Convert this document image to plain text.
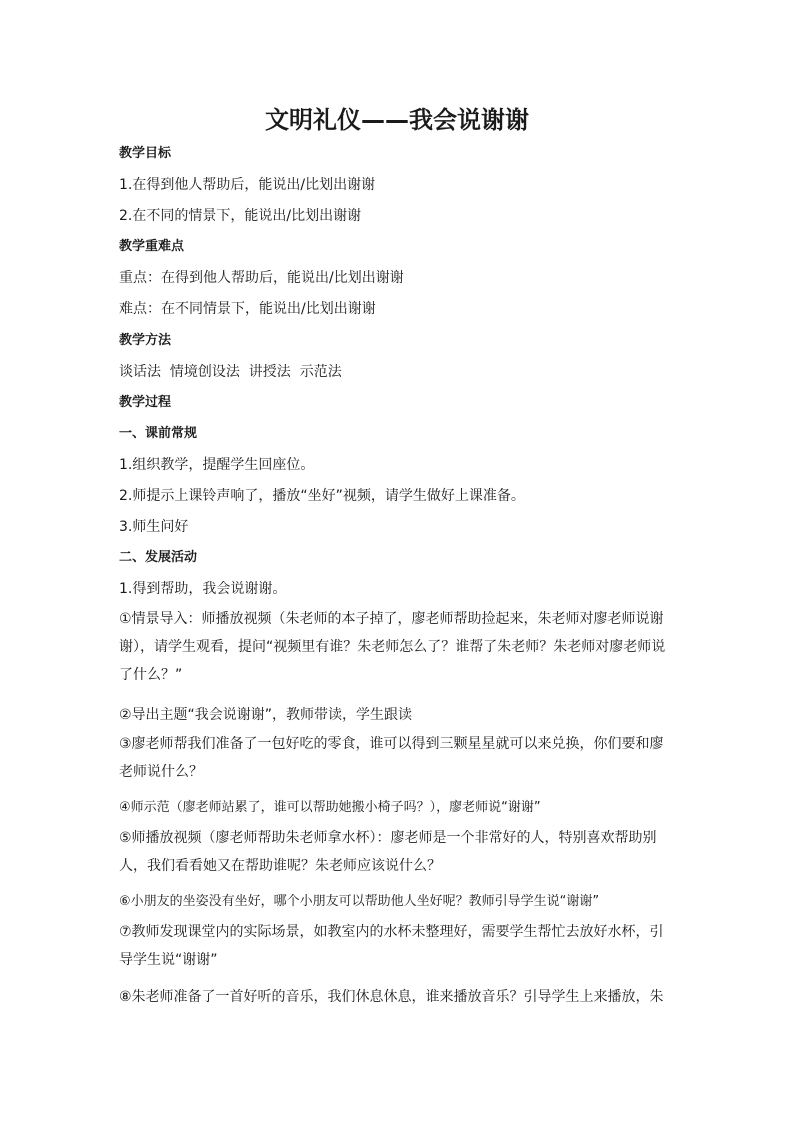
文明礼仪——我会说谢谢
教学目标
1.在得到他人帮助后，能说出/比划出谢谢
2.在不同的情景下，能说出/比划出谢谢
教学重难点
重点：在得到他人帮助后，能说出/比划出谢谢
难点：在不同情景下，能说出/比划出谢谢
教学方法
谈话法  情境创设法  讲授法  示范法
教学过程
一、课前常规
1.组织教学，提醒学生回座位。
2.师提示上课铃声响了，播放“坐好”视频，请学生做好上课准备。
3.师生问好
二、发展活动
1.得到帮助，我会说谢谢。
①情景导入：师播放视频（朱老师的本子掉了，廖老师帮助捡起来，朱老师对廖老师说谢
谢），请学生观看，提问“视频里有谁？朱老师怎么了？谁帮了朱老师？朱老师对廖老师说
了什么？”
②导出主题“我会说谢谢”，教师带读，学生跟读
③廖老师帮我们准备了一包好吃的零食，谁可以得到三颗星星就可以来兑换，你们要和廖
老师说什么？
④师示范（廖老师站累了，谁可以帮助她搬小椅子吗？），廖老师说“谢谢”
⑤师播放视频（廖老师帮助朱老师拿水杯）：廖老师是一个非常好的人，特别喜欢帮助别
人，我们看看她又在帮助谁呢？朱老师应该说什么？
⑥小朋友的坐姿没有坐好，哪个小朋友可以帮助他人坐好呢？教师引导学生说“谢谢”
⑦教师发现课堂内的实际场景，如教室内的水杯未整理好，需要学生帮忙去放好水杯，引
导学生说“谢谢”
⑧朱老师准备了一首好听的音乐，我们休息休息，谁来播放音乐？引导学生上来播放，朱
